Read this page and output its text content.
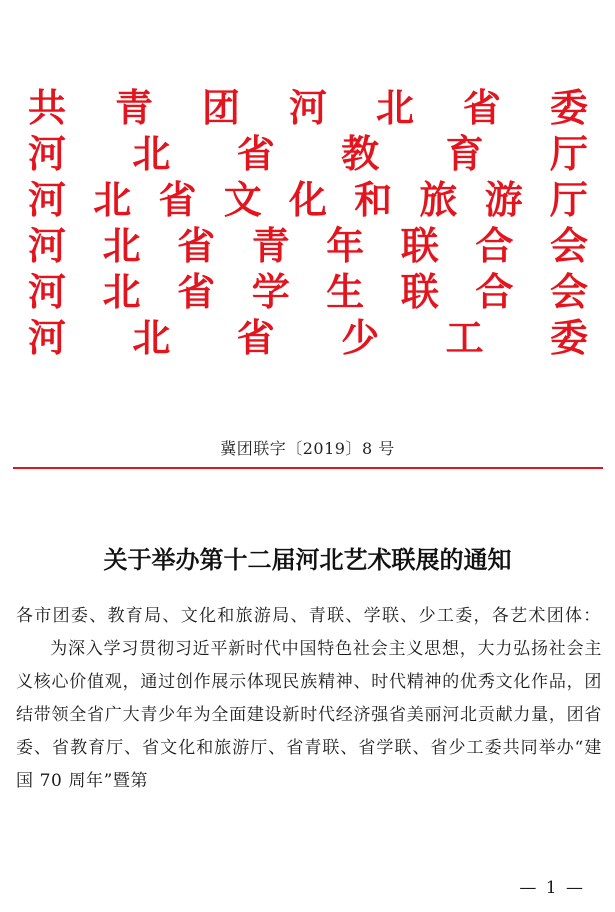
共 青 团 河 北 省 委
河 北 省 教 育 厅
河 北 省 文 化 和 旅 游 厅
河 北 省 青 年 联 合 会
河 北 省 学 生 联 合 会
河 北 省 少 工 委
冀团联字〔2019〕8 号
关于举办第十二届河北艺术联展的通知

各市团委、教育局、文化和旅游局、青联、学联、少工委，各艺术团体：

为深入学习贯彻习近平新时代中国特色社会主义思想，大力弘扬社会主义核心价值观，通过创作展示体现民族精神、时代精神的优秀文化作品，团结带领全省广大青少年为全面建设新时代经济强省美丽河北贡献力量，团省委、省教育厅、省文化和旅游厅、省青联、省学联、省少工委共同举办“建国 70 周年”暨第

— 1 —
